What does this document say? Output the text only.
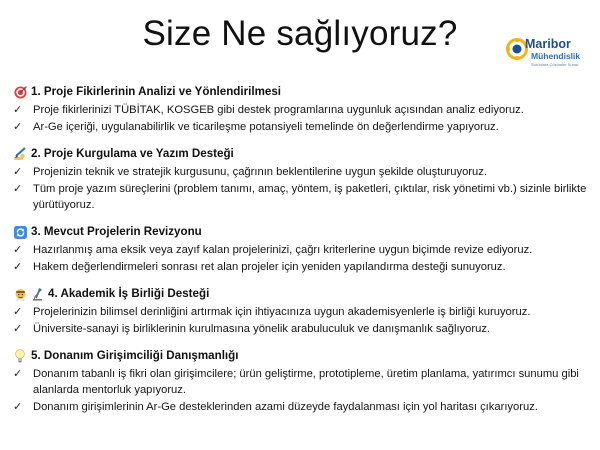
Size Ne sağlıyoruz?	Maribor
Mühendislik
Sorunlara Çözümler Sunar
1. Proje Fikirlerinin Analizi ve Yönlendirilmesi
✓ Proje fikirlerinizi TÜBİTAK, KOSGEB gibi destek programlarına uygunluk açısından analiz ediyoruz.
✓ Ar-Ge içeriği, uygulanabilirlik ve ticarileşme potansiyeli temelinde ön değerlendirme yapıyoruz.
2. Proje Kurgulama ve Yazım Desteği
✓ Projenizin teknik ve stratejik kurgusunu, çağrının beklentilerine uygun şekilde oluşturuyoruz.
✓ Tüm proje yazım süreçlerini (problem tanımı, amaç, yöntem, iş paketleri, çıktılar, risk yönetimi vb.) sizinle birlikte yürütüyoruz.
3. Mevcut Projelerin Revizyonu
✓ Hazırlanmış ama eksik veya zayıf kalan projelerinizi, çağrı kriterlerine uygun biçimde revize ediyoruz.
✓ Hakem değerlendirmeleri sonrası ret alan projeler için yeniden yapılandırma desteği sunuyoruz.
4. Akademik İş Birliği Desteği
✓ Projelerinizin bilimsel derinliğini artırmak için ihtiyacınıza uygun akademisyenlerle iş birliği kuruyoruz.
✓ Üniversite-sanayi iş birliklerinin kurulmasına yönelik arabuluculuk ve danışmanlık sağlıyoruz.
5. Donanım Girişimciliği Danışmanlığı
✓ Donanım tabanlı iş fikri olan girişimcilere; ürün geliştirme, prototipleme, üretim planlama, yatırımcı sunumu gibi alanlarda mentorluk yapıyoruz.
✓ Donanım girişimlerinin Ar-Ge desteklerinden azami düzeyde faydalanması için yol haritası çıkarıyoruz.
